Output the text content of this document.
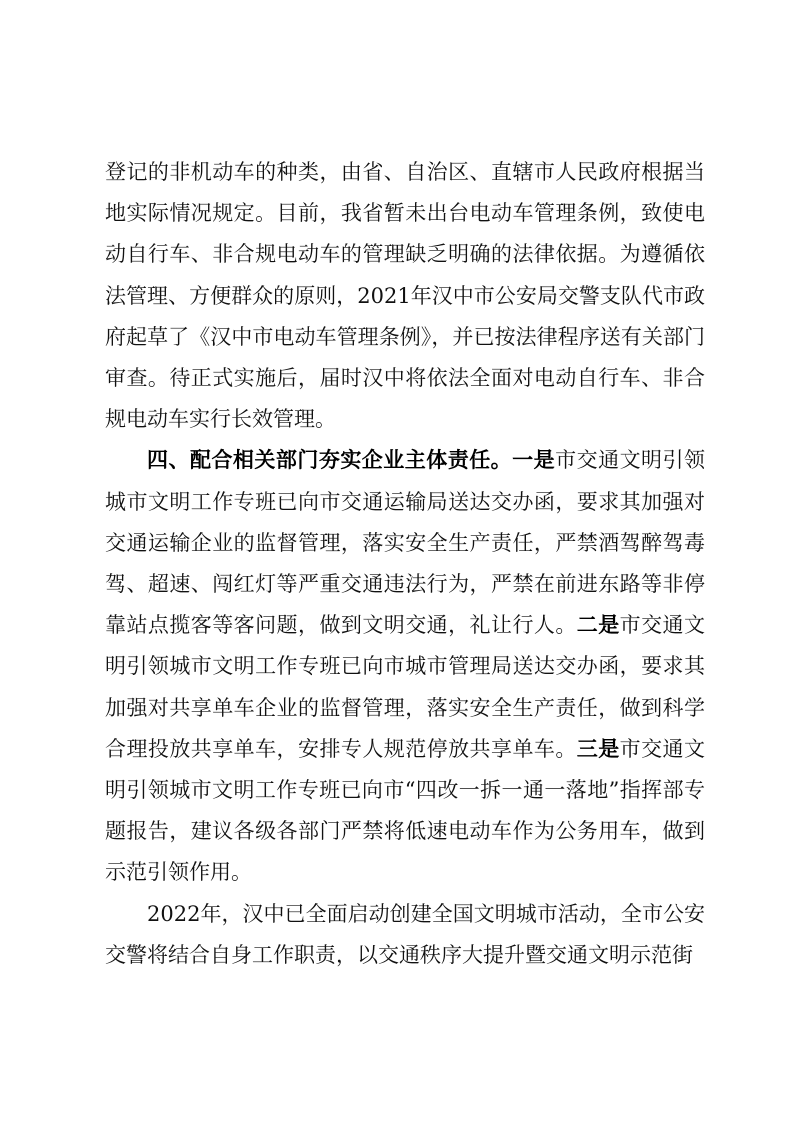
登记的非机动车的种类，由省、自治区、直辖市人民政府根据当地实际情况规定。目前，我省暂未出台电动车管理条例，致使电动自行车、非合规电动车的管理缺乏明确的法律依据。为遵循依法管理、方便群众的原则，2021年汉中市公安局交警支队代市政府起草了《汉中市电动车管理条例》，并已按法律程序送有关部门审查。待正式实施后，届时汉中将依法全面对电动自行车、非合规电动车实行长效管理。

四、配合相关部门夯实企业主体责任。一是市交通文明引领城市文明工作专班已向市交通运输局送达交办函，要求其加强对交通运输企业的监督管理，落实安全生产责任，严禁酒驾醉驾毒驾、超速、闯红灯等严重交通违法行为，严禁在前进东路等非停靠站点揽客等客问题，做到文明交通，礼让行人。二是市交通文明引领城市文明工作专班已向市城市管理局送达交办函，要求其加强对共享单车企业的监督管理，落实安全生产责任，做到科学合理投放共享单车，安排专人规范停放共享单车。三是市交通文明引领城市文明工作专班已向市“四改一拆一通一落地”指挥部专题报告，建议各级各部门严禁将低速电动车作为公务用车，做到示范引领作用。

2022年，汉中已全面启动创建全国文明城市活动，全市公安交警将结合自身工作职责，以交通秩序大提升暨交通文明示范街
